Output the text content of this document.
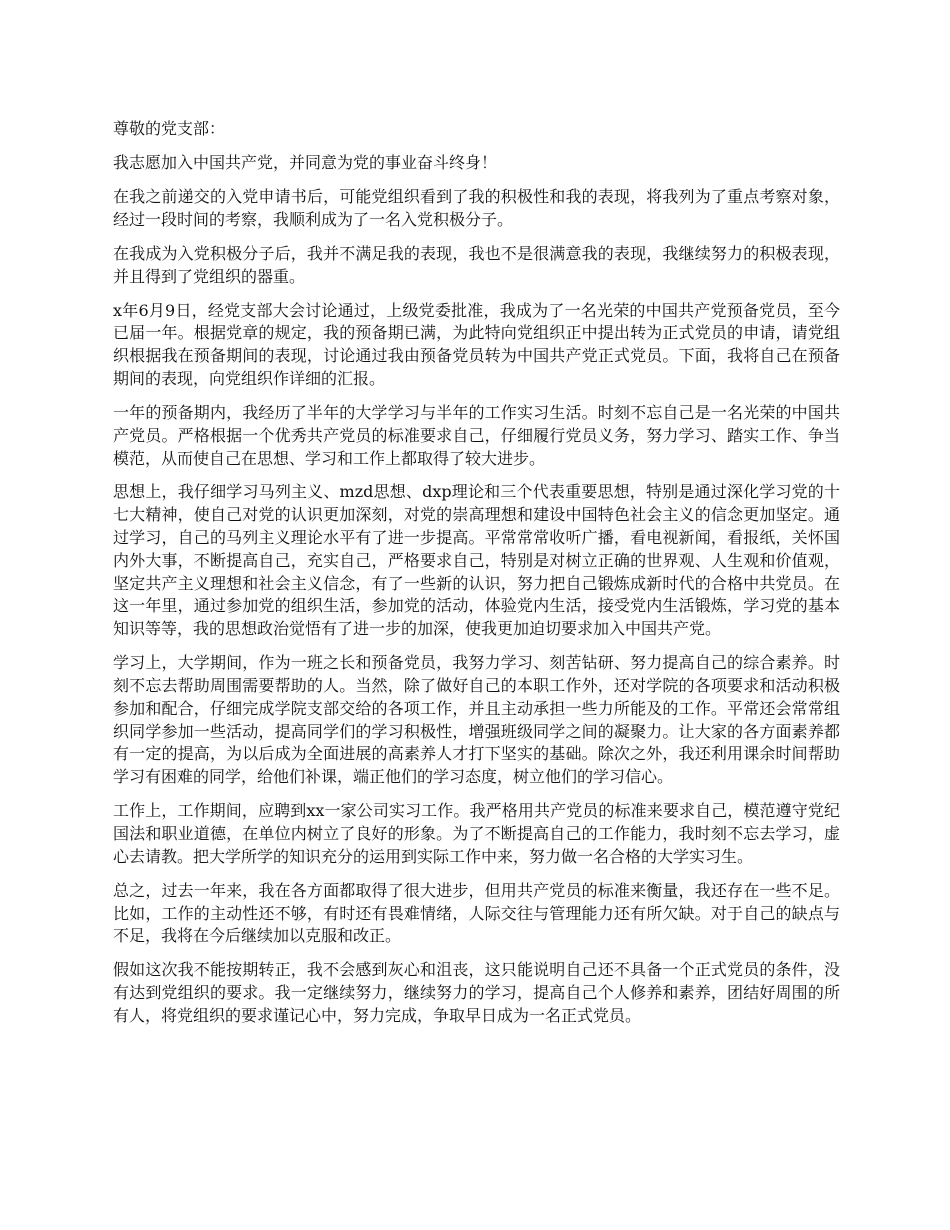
尊敬的党支部：

我志愿加入中国共产党，并同意为党的事业奋斗终身！

在我之前递交的入党申请书后，可能党组织看到了我的积极性和我的表现，将我列为了重点考察对象，经过一段时间的考察，我顺利成为了一名入党积极分子。

在我成为入党积极分子后，我并不满足我的表现，我也不是很满意我的表现，我继续努力的积极表现，并且得到了党组织的器重。

x年6月9日，经党支部大会讨论通过，上级党委批准，我成为了一名光荣的中国共产党预备党员，至今已届一年。根据党章的规定，我的预备期已满，为此特向党组织正中提出转为正式党员的申请，请党组织根据我在预备期间的表现，讨论通过我由预备党员转为中国共产党正式党员。下面，我将自己在预备期间的表现，向党组织作详细的汇报。

一年的预备期内，我经历了半年的大学学习与半年的工作实习生活。时刻不忘自己是一名光荣的中国共产党员。严格根据一个优秀共产党员的标准要求自己，仔细履行党员义务，努力学习、踏实工作、争当模范，从而使自己在思想、学习和工作上都取得了较大进步。

思想上，我仔细学习马列主义、mzd思想、dxp理论和三个代表重要思想，特别是通过深化学习党的十七大精神，使自己对党的认识更加深刻，对党的崇高理想和建设中国特色社会主义的信念更加坚定。通过学习，自己的马列主义理论水平有了进一步提高。平常常常收听广播，看电视新闻，看报纸，关怀国内外大事，不断提高自己，充实自己，严格要求自己，特别是对树立正确的世界观、人生观和价值观，坚定共产主义理想和社会主义信念，有了一些新的认识，努力把自己锻炼成新时代的合格中共党员。在这一年里，通过参加党的组织生活，参加党的活动，体验党内生活，接受党内生活锻炼，学习党的基本知识等等，我的思想政治觉悟有了进一步的加深，使我更加迫切要求加入中国共产党。

学习上，大学期间，作为一班之长和预备党员，我努力学习、刻苦钻研、努力提高自己的综合素养。时刻不忘去帮助周围需要帮助的人。当然，除了做好自己的本职工作外，还对学院的各项要求和活动积极参加和配合，仔细完成学院支部交给的各项工作，并且主动承担一些力所能及的工作。平常还会常常组织同学参加一些活动，提高同学们的学习积极性，增强班级同学之间的凝聚力。让大家的各方面素养都有一定的提高，为以后成为全面进展的高素养人才打下坚实的基础。除次之外，我还利用课余时间帮助学习有困难的同学，给他们补课，端正他们的学习态度，树立他们的学习信心。

工作上，工作期间，应聘到xx一家公司实习工作。我严格用共产党员的标准来要求自己，模范遵守党纪国法和职业道德，在单位内树立了良好的形象。为了不断提高自己的工作能力，我时刻不忘去学习，虚心去请教。把大学所学的知识充分的运用到实际工作中来，努力做一名合格的大学实习生。

总之，过去一年来，我在各方面都取得了很大进步，但用共产党员的标准来衡量，我还存在一些不足。比如，工作的主动性还不够，有时还有畏难情绪，人际交往与管理能力还有所欠缺。对于自己的缺点与不足，我将在今后继续加以克服和改正。

假如这次我不能按期转正，我不会感到灰心和沮丧，这只能说明自己还不具备一个正式党员的条件，没有达到党组织的要求。我一定继续努力，继续努力的学习，提高自己个人修养和素养，团结好周围的所有人，将党组织的要求谨记心中，努力完成，争取早日成为一名正式党员。
